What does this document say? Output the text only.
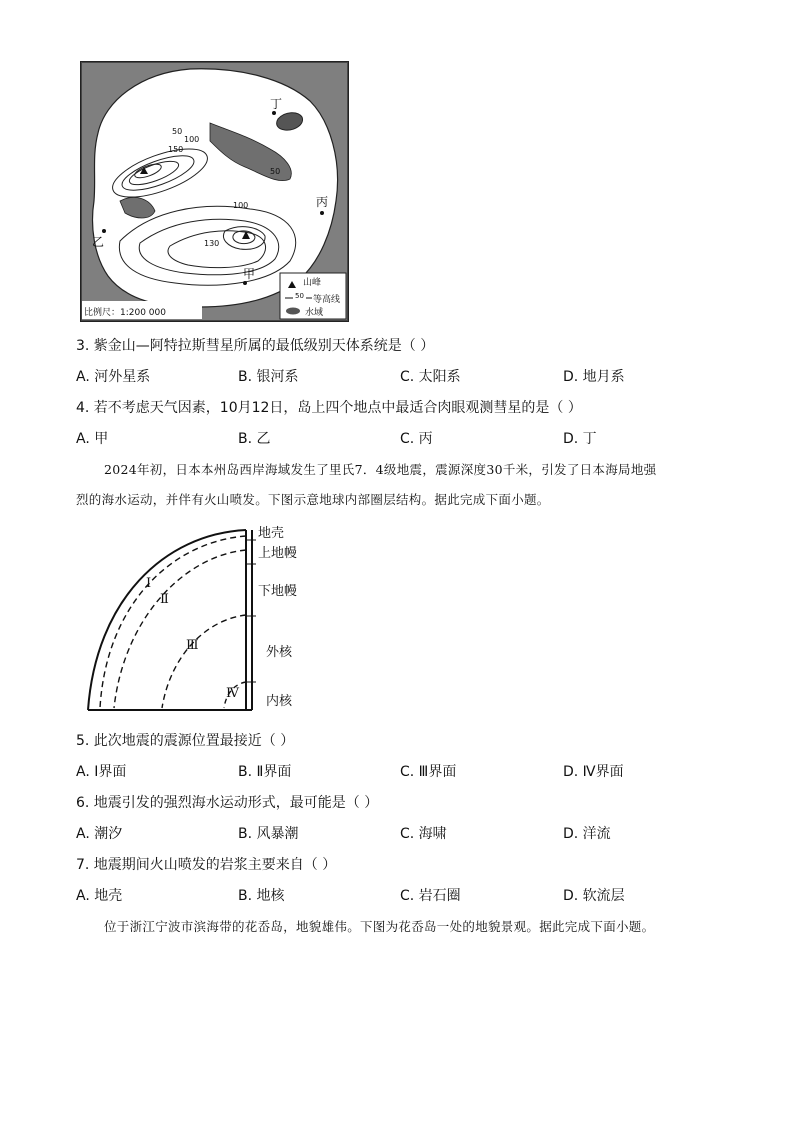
丁
丙
乙
甲
50
100
150
50
100
130
山峰
50 等高线
水域
比例尺：1:200 000
3. 紫金山—阿特拉斯彗星所属的最低级别天体系统是（ ）
A. 河外星系	B. 银河系	C. 太阳系	D. 地月系
4. 若不考虑天气因素，10月12日，岛上四个地点中最适合肉眼观测彗星的是（ ）
A. 甲	B. 乙	C. 丙	D. 丁
2024年初，日本本州岛西岸海域发生了里氏7．4级地震，震源深度30千米，引发了日本海局地强
烈的海水运动，并伴有火山喷发。下图示意地球内部圈层结构。据此完成下面小题。
地壳
上地幔
下地幔
外核
内核
Ⅰ
Ⅱ
Ⅲ
Ⅳ
5. 此次地震的震源位置最接近（ ）
A. Ⅰ界面	B. Ⅱ界面	C. Ⅲ界面	D. Ⅳ界面
6. 地震引发的强烈海水运动形式，最可能是（ ）
A. 潮汐	B. 风暴潮	C. 海啸	D. 洋流
7. 地震期间火山喷发的岩浆主要来自（ ）
A. 地壳	B. 地核	C. 岩石圈	D. 软流层
位于浙江宁波市滨海带的花岙岛，地貌雄伟。下图为花岙岛一处的地貌景观。据此完成下面小题。
